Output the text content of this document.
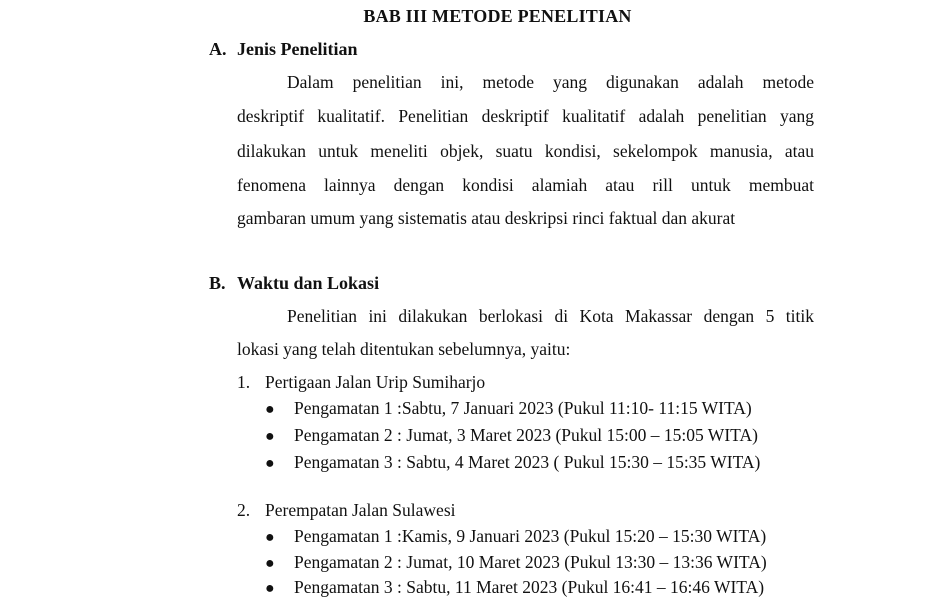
BAB III METODE PENELITIAN
A. Jenis Penelitian
Dalam penelitian ini, metode yang digunakan adalah metode
deskriptif kualitatif. Penelitian deskriptif kualitatif adalah penelitian yang
dilakukan untuk meneliti objek, suatu kondisi, sekelompok manusia, atau
fenomena lainnya dengan kondisi alamiah atau rill untuk membuat
gambaran umum yang sistematis atau deskripsi rinci faktual dan akurat
B. Waktu dan Lokasi
Penelitian ini dilakukan berlokasi di Kota Makassar dengan 5 titik
lokasi yang telah ditentukan sebelumnya, yaitu:
1. Pertigaan Jalan Urip Sumiharjo
● Pengamatan 1 :Sabtu, 7 Januari 2023 (Pukul 11:10- 11:15 WITA)
● Pengamatan 2 : Jumat, 3 Maret 2023 (Pukul 15:00 – 15:05 WITA)
● Pengamatan 3 : Sabtu, 4 Maret 2023 ( Pukul 15:30 – 15:35 WITA)
2. Perempatan Jalan Sulawesi
● Pengamatan 1 :Kamis, 9 Januari 2023 (Pukul 15:20 – 15:30 WITA)
● Pengamatan 2 : Jumat, 10 Maret 2023 (Pukul 13:30 – 13:36 WITA)
● Pengamatan 3 : Sabtu, 11 Maret 2023 (Pukul 16:41 – 16:46 WITA)
